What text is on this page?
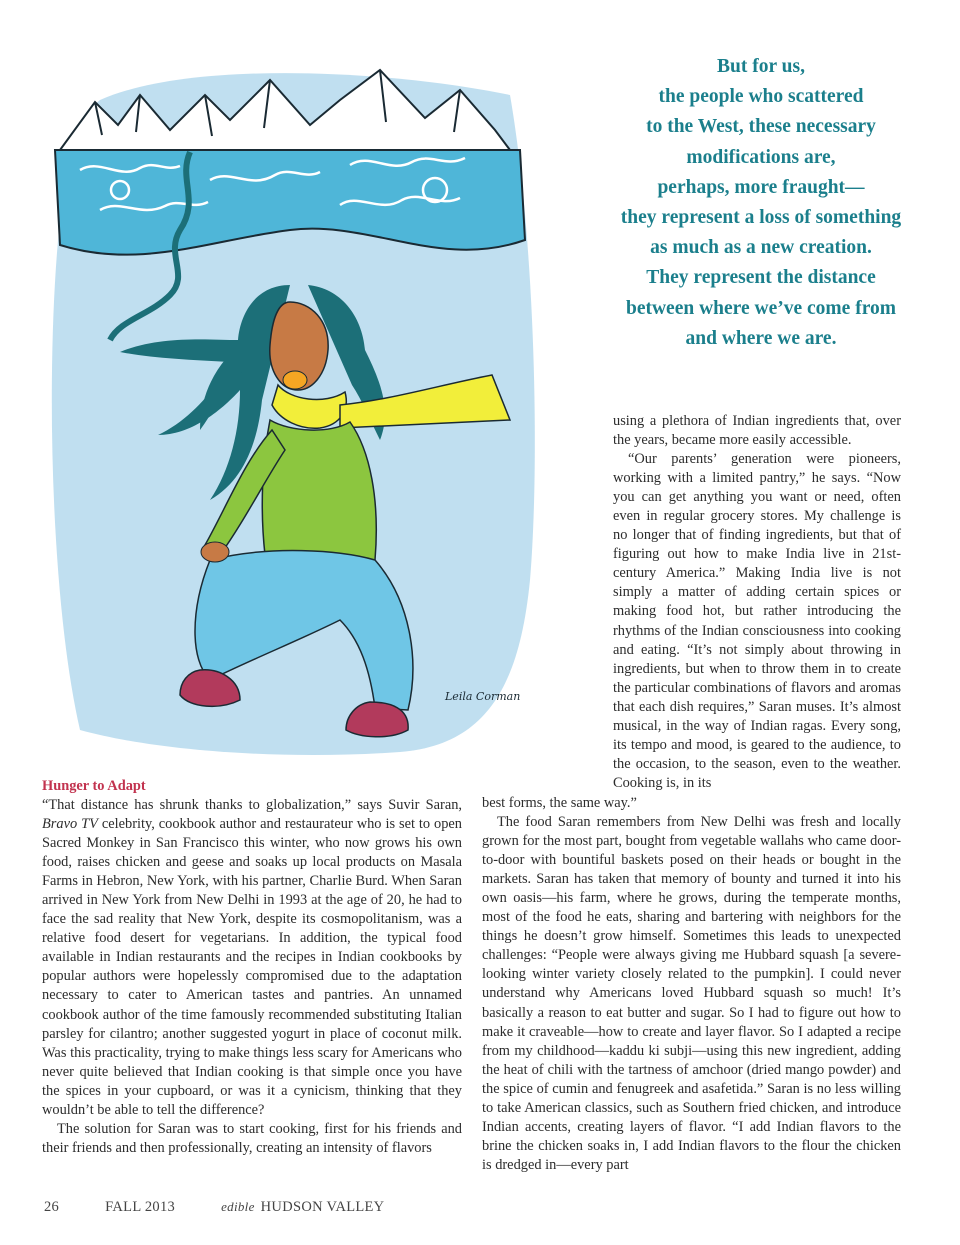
Leila Corman
But for us,
the people who scattered
to the West, these necessary
modifications are,
perhaps, more fraught—
they represent a loss of something
as much as a new creation.
They represent the distance
between where we’ve come from
and where we are.

using a plethora of Indian ingredients that, over the years, became more easily accessible.

“Our parents’ generation were pioneers, working with a limited pantry,” he says. “Now you can get anything you want or need, often even in regular grocery stores. My challenge is no longer that of finding ingredients, but that of figuring out how to make India live in 21st-century America.” Making India live is not simply a matter of adding certain spices or making food hot, but rather introducing the rhythms of the Indian consciousness into cooking and eating. “It’s not simply about throwing in ingredients, but when to throw them in to create the particular combinations of flavors and aromas that each dish requires,” Saran muses. It’s almost musical, in the way of Indian ragas. Every song, its tempo and mood, is geared to the audience, to the occasion, to the season, even to the weather. Cooking is, in its

Hunger to Adapt

“That distance has shrunk thanks to globalization,” says Suvir Saran, Bravo TV celebrity, cookbook author and restaurateur who is set to open Sacred Monkey in San Francisco this winter, who now grows his own food, raises chicken and geese and soaks up local products on Masala Farms in Hebron, New York, with his partner, Charlie Burd. When Saran arrived in New York from New Delhi in 1993 at the age of 20, he had to face the sad reality that New York, despite its cosmopolitanism, was a relative food desert for vegetarians. In addition, the typical food available in Indian restaurants and the recipes in Indian cookbooks by popular authors were hopelessly compromised due to the adaptation necessary to cater to American tastes and pantries. An unnamed cookbook author of the time famously recommended substituting Italian parsley for cilantro; another suggested yogurt in place of coconut milk. Was this practicality, trying to make things less scary for Americans who never quite believed that Indian cooking is that simple once you have the spices in your cupboard, or was it a cynicism, thinking that they wouldn’t be able to tell the difference?

The solution for Saran was to start cooking, first for his friends and their friends and then professionally, creating an intensity of flavors

best forms, the same way.”

The food Saran remembers from New Delhi was fresh and locally grown for the most part, bought from vegetable wallahs who came door-to-door with bountiful baskets posed on their heads or bought in the markets. Saran has taken that memory of bounty and turned it into his own oasis—his farm, where he grows, during the temperate months, most of the food he eats, sharing and bartering with neighbors for the things he doesn’t grow himself. Sometimes this leads to unexpected challenges: “People were always giving me Hubbard squash [a severe-looking winter variety closely related to the pumpkin]. I could never understand why Americans loved Hubbard squash so much! It’s basically a reason to eat butter and sugar. So I had to figure out how to make it craveable—how to create and layer flavor. So I adapted a recipe from my childhood—kaddu ki subji—using this new ingredient, adding the heat of chili with the tartness of amchoor (dried mango powder) and the spice of cumin and fenugreek and asafetida.” Saran is no less willing to take American classics, such as Southern fried chicken, and introduce Indian accents, creating layers of flavor. “I add Indian flavors to the brine the chicken soaks in, I add Indian flavors to the flour the chicken is dredged in—every part

26	FALL 2013	edible HUDSON VALLEY
